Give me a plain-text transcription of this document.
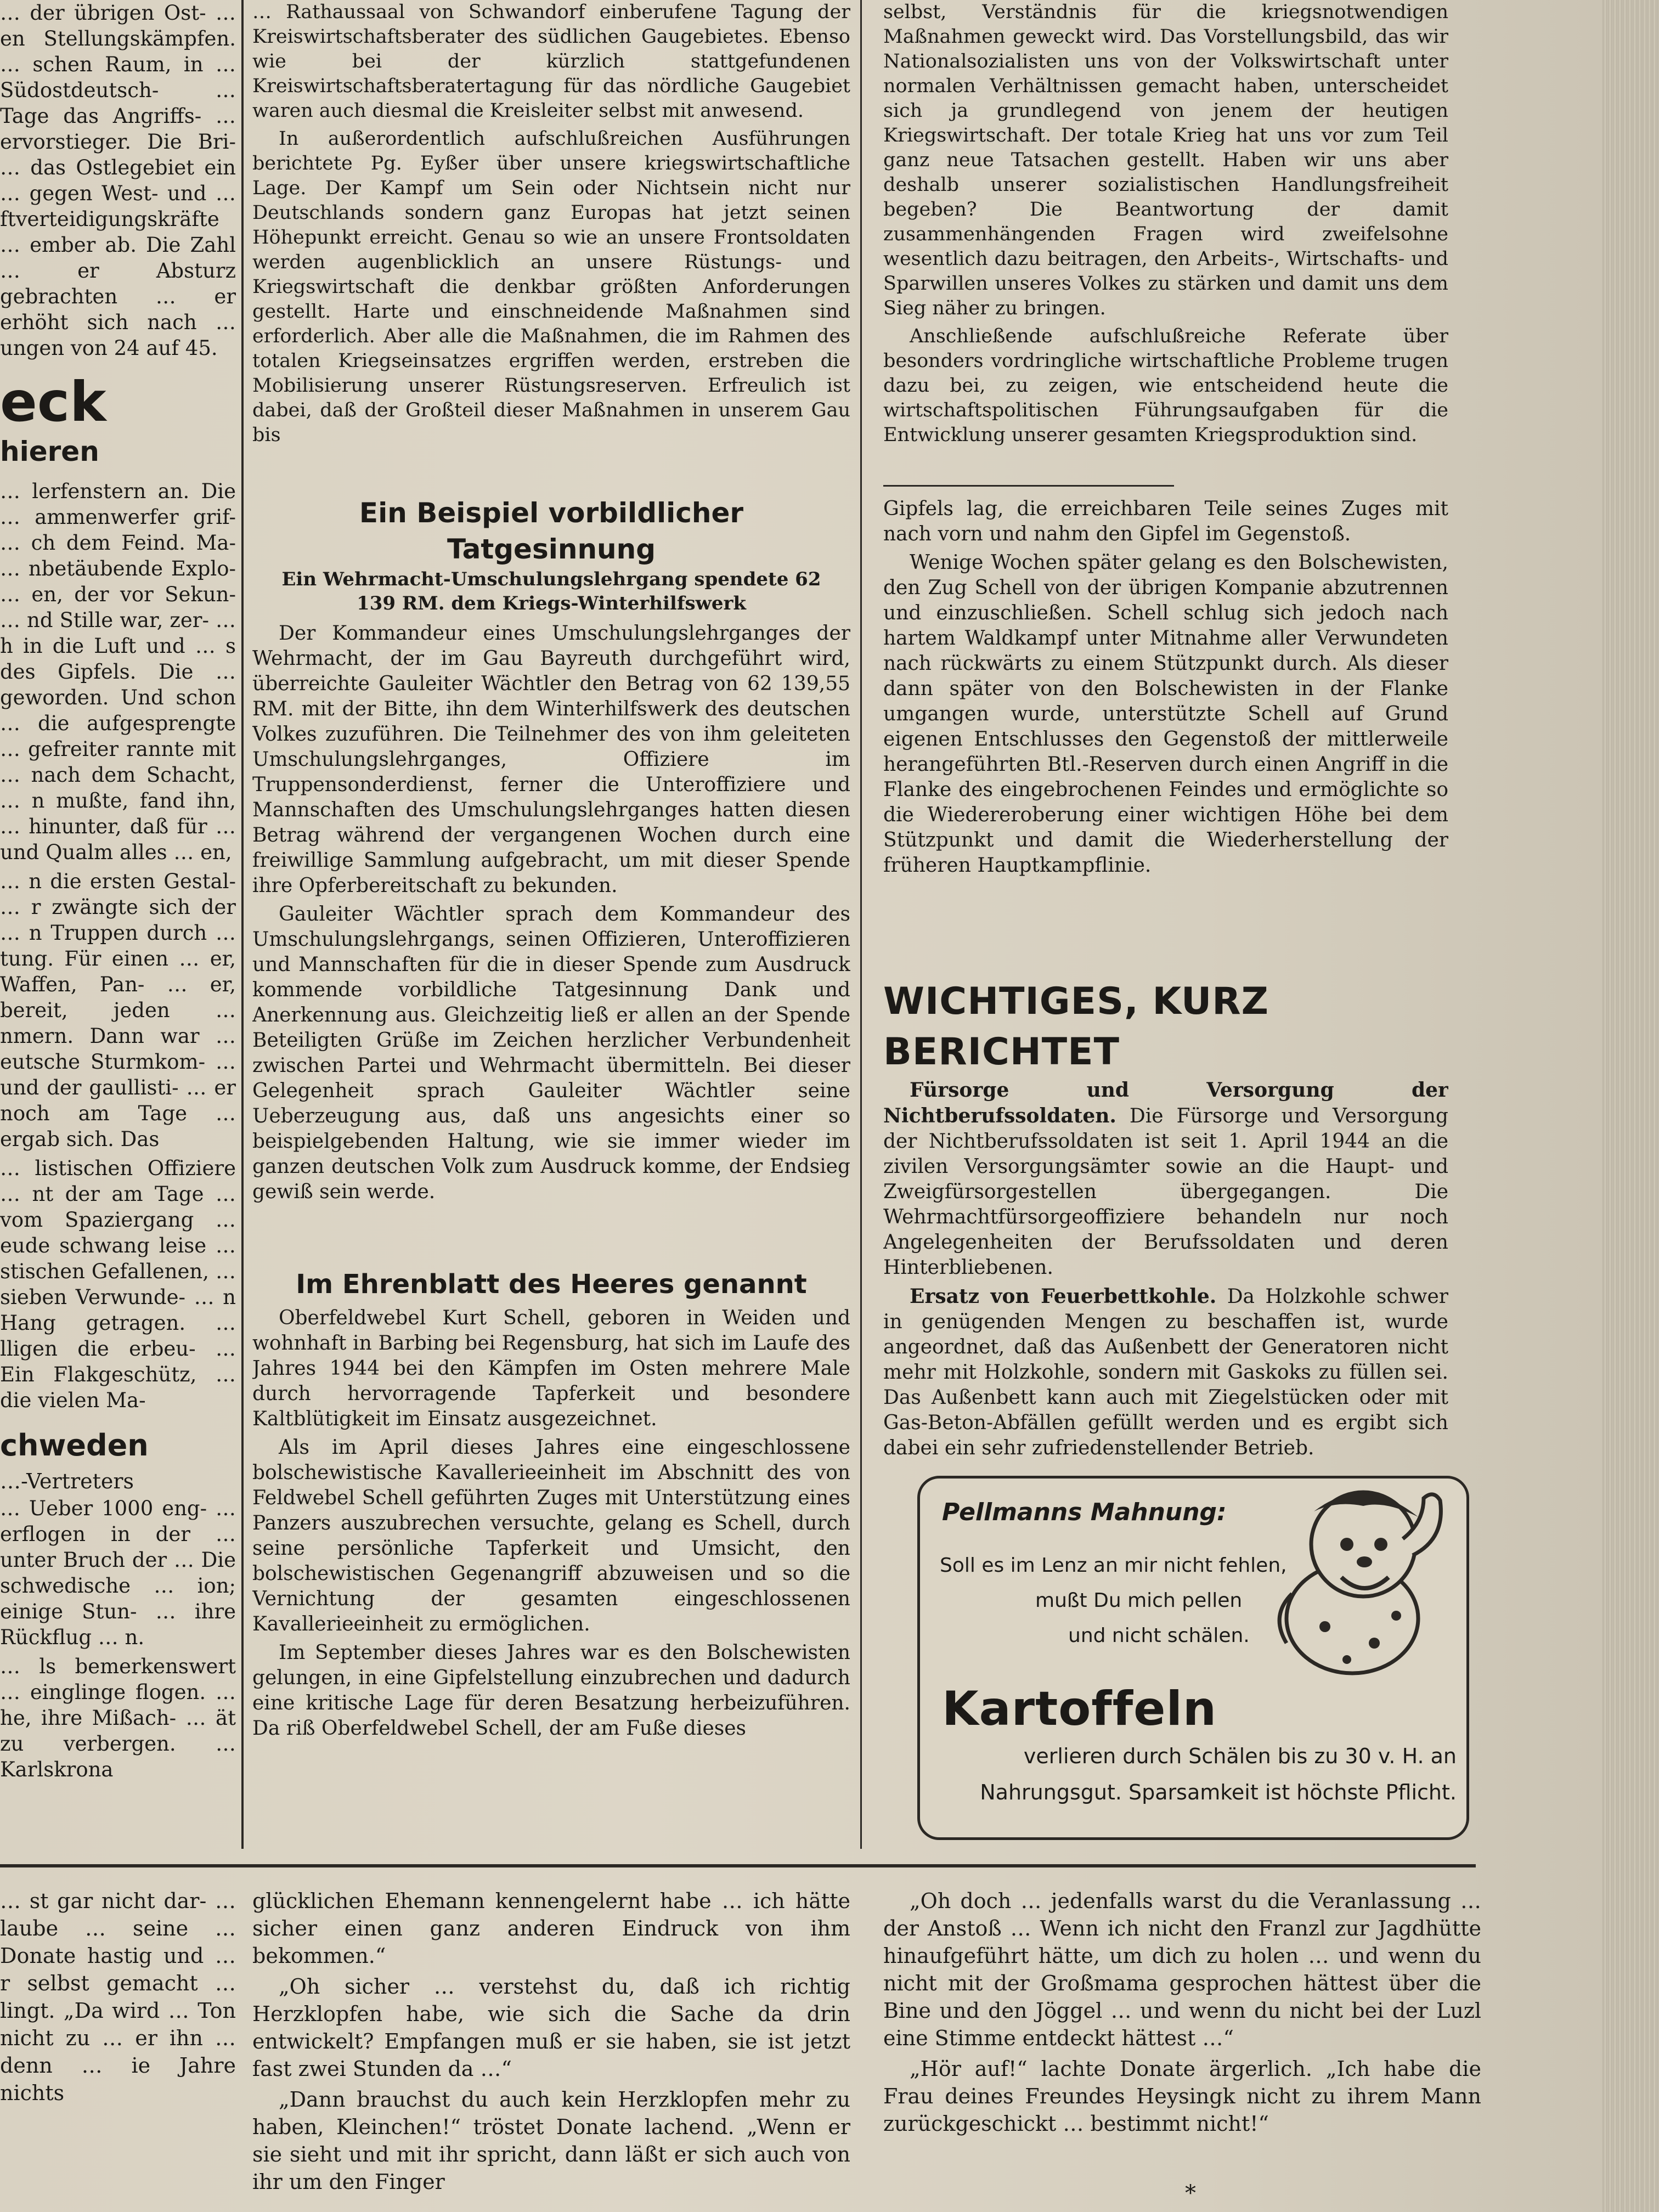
… der übrigen Ost- … en Stellungskämpfen. … schen Raum, in … Südostdeutsch- … Tage das Angriffs- … ervorstieger. Die Bri- … das Ostlegebiet ein … gegen West- und … ftverteidigungskräfte … ember ab. Die Zahl … er Absturz gebrachten … er erhöht sich nach … ungen von 24 auf 45.

eck
hieren

… lerfenstern an. Die … ammenwerfer grif- … ch dem Feind. Ma- … nbetäubende Explo- … en, der vor Sekun- … nd Stille war, zer- … h in die Luft und … s des Gipfels. Die … geworden. Und schon … die aufgesprengte … gefreiter rannte mit … nach dem Schacht, … n mußte, fand ihn, … hinunter, daß für … und Qualm alles … en,

… n die ersten Gestal- … r zwängte sich der … n Truppen durch … tung. Für einen … er, Waffen, Pan- … er, bereit, jeden … nmern. Dann war … eutsche Sturmkom- … und der gaullisti- … er noch am Tage … ergab sich. Das

… listischen Offiziere … nt der am Tage … vom Spaziergang … eude schwang leise … stischen Gefallenen, … sieben Verwunde- … n Hang getragen. … lligen die erbeu- … Ein Flakgeschütz, … die vielen Ma-

chweden
…-Vertreters

… Ueber 1000 eng- … erflogen in der … unter Bruch der … Die schwedische … ion; einige Stun- … ihre Rückflug … n.

… ls bemerkenswert … einglinge flogen. … he, ihre Mißach- … ät zu verbergen. … Karlskrona

… Rathaussaal von Schwandorf einberufene Tagung der Kreiswirtschaftsberater des südlichen Gaugebietes. Ebenso wie bei der kürzlich stattgefundenen Kreiswirtschaftsberatertagung für das nördliche Gaugebiet waren auch diesmal die Kreisleiter selbst mit anwesend.

In außerordentlich aufschlußreichen Ausführungen berichtete Pg. Eyßer über unsere kriegswirtschaftliche Lage. Der Kampf um Sein oder Nichtsein nicht nur Deutschlands sondern ganz Europas hat jetzt seinen Höhepunkt erreicht. Genau so wie an unsere Frontsoldaten werden augenblicklich an unsere Rüstungs- und Kriegswirtschaft die denkbar größten Anforderungen gestellt. Harte und einschneidende Maßnahmen sind erforderlich. Aber alle die Maßnahmen, die im Rahmen des totalen Kriegseinsatzes ergriffen werden, erstreben die Mobilisierung unserer Rüstungsreserven. Erfreulich ist dabei, daß der Großteil dieser Maßnahmen in unserem Gau bis

selbst, Verständnis für die kriegsnotwendigen Maßnahmen geweckt wird. Das Vorstellungsbild, das wir Nationalsozialisten uns von der Volkswirtschaft unter normalen Verhältnissen gemacht haben, unterscheidet sich ja grundlegend von jenem der heutigen Kriegswirtschaft. Der totale Krieg hat uns vor zum Teil ganz neue Tatsachen gestellt. Haben wir uns aber deshalb unserer sozialistischen Handlungsfreiheit begeben? Die Beantwortung der damit zusammenhängenden Fragen wird zweifelsohne wesentlich dazu beitragen, den Arbeits-, Wirtschafts- und Sparwillen unseres Volkes zu stärken und damit uns dem Sieg näher zu bringen.

Anschließende aufschlußreiche Referate über besonders vordringliche wirtschaftliche Probleme trugen dazu bei, zu zeigen, wie entscheidend heute die wirtschaftspolitischen Führungsaufgaben für die Entwicklung unserer gesamten Kriegsproduktion sind.

Ein Beispiel vorbildlicher Tatgesinnung
Ein Wehrmacht-Umschulungslehrgang spendete 62 139 RM. dem Kriegs-Winterhilfswerk

Der Kommandeur eines Umschulungslehrganges der Wehrmacht, der im Gau Bayreuth durchgeführt wird, überreichte Gauleiter Wächtler den Betrag von 62 139,55 RM. mit der Bitte, ihn dem Winterhilfswerk des deutschen Volkes zuzuführen. Die Teilnehmer des von ihm geleiteten Umschulungslehrganges, Offiziere im Truppensonderdienst, ferner die Unteroffiziere und Mannschaften des Umschulungslehrganges hatten diesen Betrag während der vergangenen Wochen durch eine freiwillige Sammlung aufgebracht, um mit dieser Spende ihre Opferbereitschaft zu bekunden.

Gauleiter Wächtler sprach dem Kommandeur des Umschulungslehrgangs, seinen Offizieren, Unteroffizieren und Mannschaften für die in dieser Spende zum Ausdruck kommende vorbildliche Tatgesinnung Dank und Anerkennung aus. Gleichzeitig ließ er allen an der Spende Beteiligten Grüße im Zeichen herzlicher Verbundenheit zwischen Partei und Wehrmacht übermitteln. Bei dieser Gelegenheit sprach Gauleiter Wächtler seine Ueberzeugung aus, daß uns angesichts einer so beispielgebenden Haltung, wie sie immer wieder im ganzen deutschen Volk zum Ausdruck komme, der Endsieg gewiß sein werde.

Im Ehrenblatt des Heeres genannt

Oberfeldwebel Kurt Schell, geboren in Weiden und wohnhaft in Barbing bei Regensburg, hat sich im Laufe des Jahres 1944 bei den Kämpfen im Osten mehrere Male durch hervorragende Tapferkeit und besondere Kaltblütigkeit im Einsatz ausgezeichnet.

Als im April dieses Jahres eine eingeschlossene bolschewistische Kavallerieeinheit im Abschnitt des von Feldwebel Schell geführten Zuges mit Unterstützung eines Panzers auszubrechen versuchte, gelang es Schell, durch seine persönliche Tapferkeit und Umsicht, den bolschewistischen Gegenangriff abzuweisen und so die Vernichtung der gesamten eingeschlossenen Kavallerieeinheit zu ermöglichen.

Im September dieses Jahres war es den Bolschewisten gelungen, in eine Gipfelstellung einzubrechen und dadurch eine kritische Lage für deren Besatzung herbeizuführen. Da riß Oberfeldwebel Schell, der am Fuße dieses

Gipfels lag, die erreichbaren Teile seines Zuges mit nach vorn und nahm den Gipfel im Gegenstoß.

Wenige Wochen später gelang es den Bolschewisten, den Zug Schell von der übrigen Kompanie abzutrennen und einzuschließen. Schell schlug sich jedoch nach hartem Waldkampf unter Mitnahme aller Verwundeten nach rückwärts zu einem Stützpunkt durch. Als dieser dann später von den Bolschewisten in der Flanke umgangen wurde, unterstützte Schell auf Grund eigenen Entschlusses den Gegenstoß der mittlerweile herangeführten Btl.-Reserven durch einen Angriff in die Flanke des eingebrochenen Feindes und ermöglichte so die Wiedereroberung einer wichtigen Höhe bei dem Stützpunkt und damit die Wiederherstellung der früheren Hauptkampflinie.

WICHTIGES, KURZ BERICHTET

Fürsorge und Versorgung der Nichtberufssoldaten. Die Fürsorge und Versorgung der Nichtberufssoldaten ist seit 1. April 1944 an die zivilen Versorgungsämter sowie an die Haupt- und Zweigfürsorgestellen übergegangen. Die Wehrmachtfürsorgeoffiziere behandeln nur noch Angelegenheiten der Berufssoldaten und deren Hinterbliebenen.

Ersatz von Feuerbettkohle. Da Holzkohle schwer in genügenden Mengen zu beschaffen ist, wurde angeordnet, daß das Außenbett der Generatoren nicht mehr mit Holzkohle, sondern mit Gaskoks zu füllen sei. Das Außenbett kann auch mit Ziegelstücken oder mit Gas-Beton-Abfällen gefüllt werden und es ergibt sich dabei ein sehr zufriedenstellender Betrieb.

Pellmanns Mahnung:
Soll es im Lenz an mir nicht fehlen,
mußt Du mich pellen
und nicht schälen.
Kartoffeln
verlieren durch Schälen bis zu 30 v. H. an
Nahrungsgut. Sparsamkeit ist höchste Pflicht.

… st gar nicht dar- … laube … seine … Donate hastig und … r selbst gemacht … lingt. „Da wird … Ton nicht zu … er ihn … denn … ie Jahre nichts

glücklichen Ehemann kennengelernt habe … ich hätte sicher einen ganz anderen Eindruck von ihm bekommen.“

„Oh sicher … verstehst du, daß ich richtig Herzklopfen habe, wie sich die Sache da drin entwickelt? Empfangen muß er sie haben, sie ist jetzt fast zwei Stunden da …“

„Dann brauchst du auch kein Herzklopfen mehr zu haben, Kleinchen!“ tröstet Donate lachend. „Wenn er sie sieht und mit ihr spricht, dann läßt er sich auch von ihr um den Finger

„Oh doch … jedenfalls warst du die Veranlassung … der Anstoß … Wenn ich nicht den Franzl zur Jagdhütte hinaufgeführt hätte, um dich zu holen … und wenn du nicht mit der Großmama gesprochen hättest über die Bine und den Jöggel … und wenn du nicht bei der Luzl eine Stimme entdeckt hättest …“

„Hör auf!“ lachte Donate ärgerlich. „Ich habe die Frau deines Freundes Heysingk nicht zu ihrem Mann zurückgeschickt … bestimmt nicht!“

*
